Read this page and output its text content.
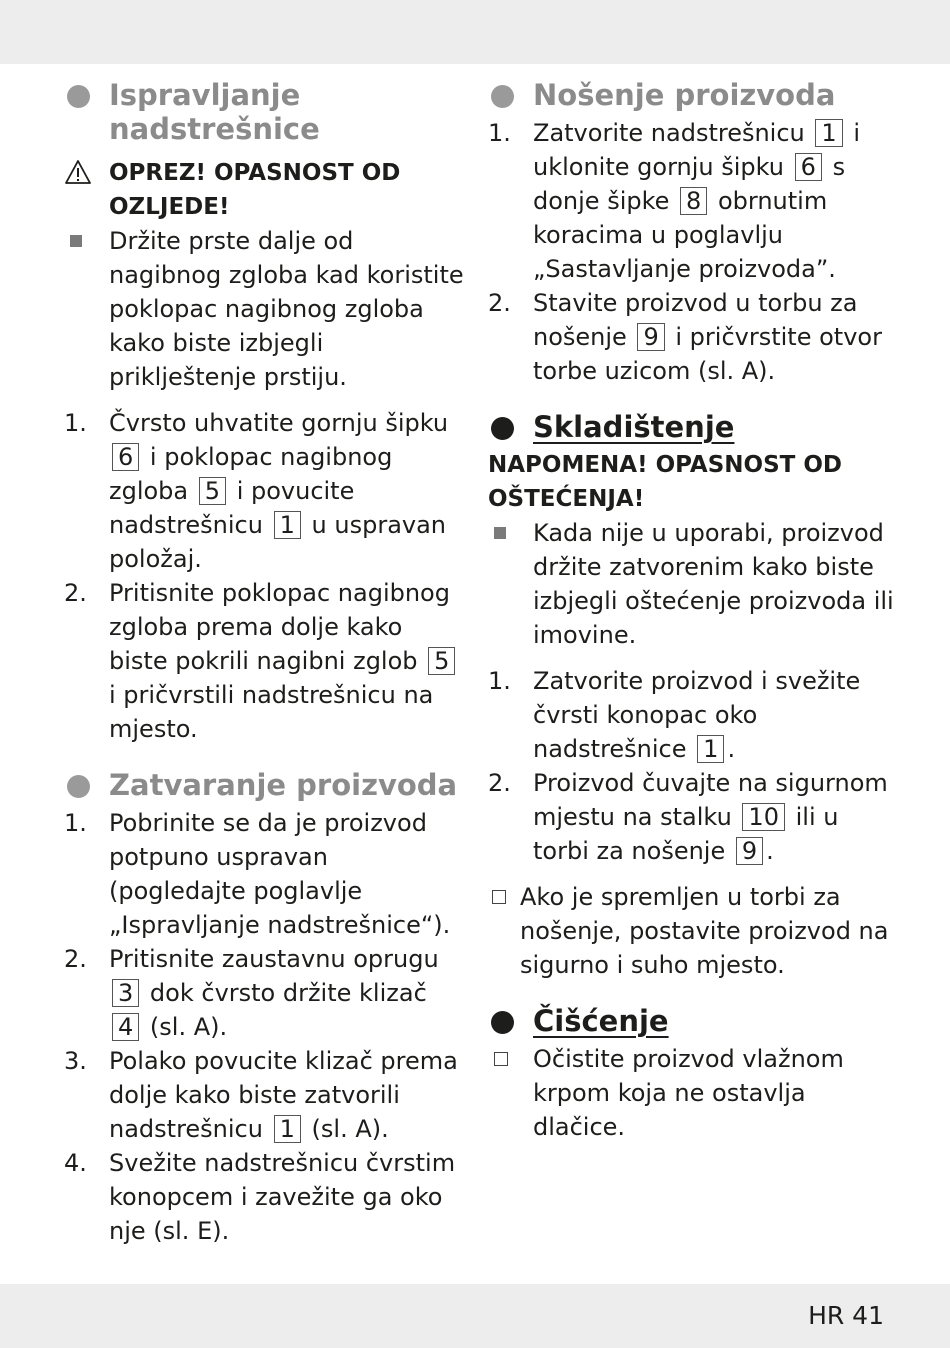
Ispravljanje nadstrešnice
OPREZ! OPASNOST OD OZLJEDE!
Držite prste dalje od nagibnog zgloba kad koristite poklopac nagibnog zgloba kako biste izbjegli priklještenje prstiju.
1. Čvrsto uhvatite gornju šipku 6 i poklopac nagibnog zgloba 5 i povucite nadstrešnicu 1 u uspravan položaj.
2. Pritisnite poklopac nagibnog zgloba prema dolje kako biste pokrili nagibni zglob 5 i pričvrstili nadstrešnicu na mjesto.
Zatvaranje proizvoda
1. Pobrinite se da je proizvod potpuno uspravan (pogledajte poglavlje „Ispravljanje nadstrešnice“).
2. Pritisnite zaustavnu oprugu 3 dok čvrsto držite klizač 4 (sl. A).
3. Polako povucite klizač prema dolje kako biste zatvorili nadstrešnicu 1 (sl. A).
4. Svežite nadstrešnicu čvrstim konopcem i zavežite ga oko nje (sl. E).
Nošenje proizvoda
1. Zatvorite nadstrešnicu 1 i uklonite gornju šipku 6 s donje šipke 8 obrnutim koracima u poglavlju „Sastavljanje proizvoda”.
2. Stavite proizvod u torbu za nošenje 9 i pričvrstite otvor torbe uzicom (sl. A).
Skladištenje
NAPOMENA! OPASNOST OD OŠTEĆENJA!
Kada nije u uporabi, proizvod držite zatvorenim kako biste izbjegli oštećenje proizvoda ili imovine.
1. Zatvorite proizvod i svežite čvrsti konopac oko nadstrešnice 1 .
2. Proizvod čuvajte na sigurnom mjestu na stalku 10 ili u torbi za nošenje 9 .
Ako je spremljen u torbi za nošenje, postavite proizvod na sigurno i suho mjesto.
Čišćenje
Očistite proizvod vlažnom krpom koja ne ostavlja dlačice.
HR 41
